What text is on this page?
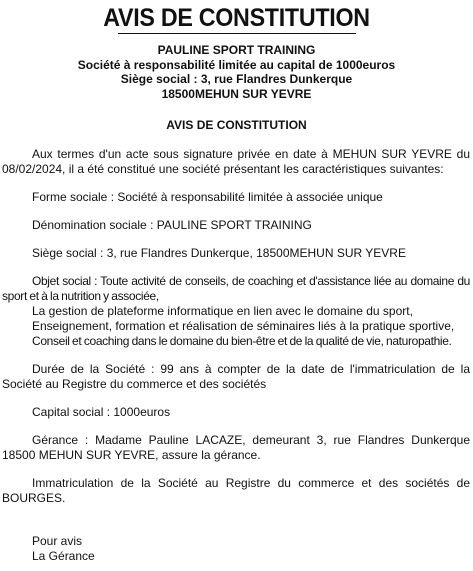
AVIS DE CONSTITUTION
PAULINE SPORT TRAINING
Société à responsabilité limitée au capital de 1000euros
Siège social : 3, rue Flandres Dunkerque
18500MEHUN SUR YEVRE
AVIS DE CONSTITUTION

Aux termes d'un acte sous signature privée en date à MEHUN SUR YEVRE du 08/02/2024, il a été constitué une société présentant les caractéristiques suivantes:

Forme sociale : Société à responsabilité limitée à associée unique

Dénomination sociale : PAULINE SPORT TRAINING

Siège social : 3, rue Flandres Dunkerque, 18500MEHUN SUR YEVRE

Objet social : Toute activité de conseils, de coaching et d'assistance liée au domaine du sport et à la nutrition y associée,

La gestion de plateforme informatique en lien avec le domaine du sport,
Enseignement, formation et réalisation de séminaires liés à la pratique sportive,
Conseil et coaching dans le domaine du bien-être et de la qualité de vie, naturopathie.

Durée de la Société : 99 ans à compter de la date de l'immatriculation de la Société au Registre du commerce et des sociétés

Capital social : 1000euros

Gérance : Madame Pauline LACAZE, demeurant 3, rue Flandres Dunkerque 18500 MEHUN SUR YEVRE, assure la gérance.

Immatriculation de la Société au Registre du commerce et des sociétés de BOURGES.

Pour avis
La Gérance
